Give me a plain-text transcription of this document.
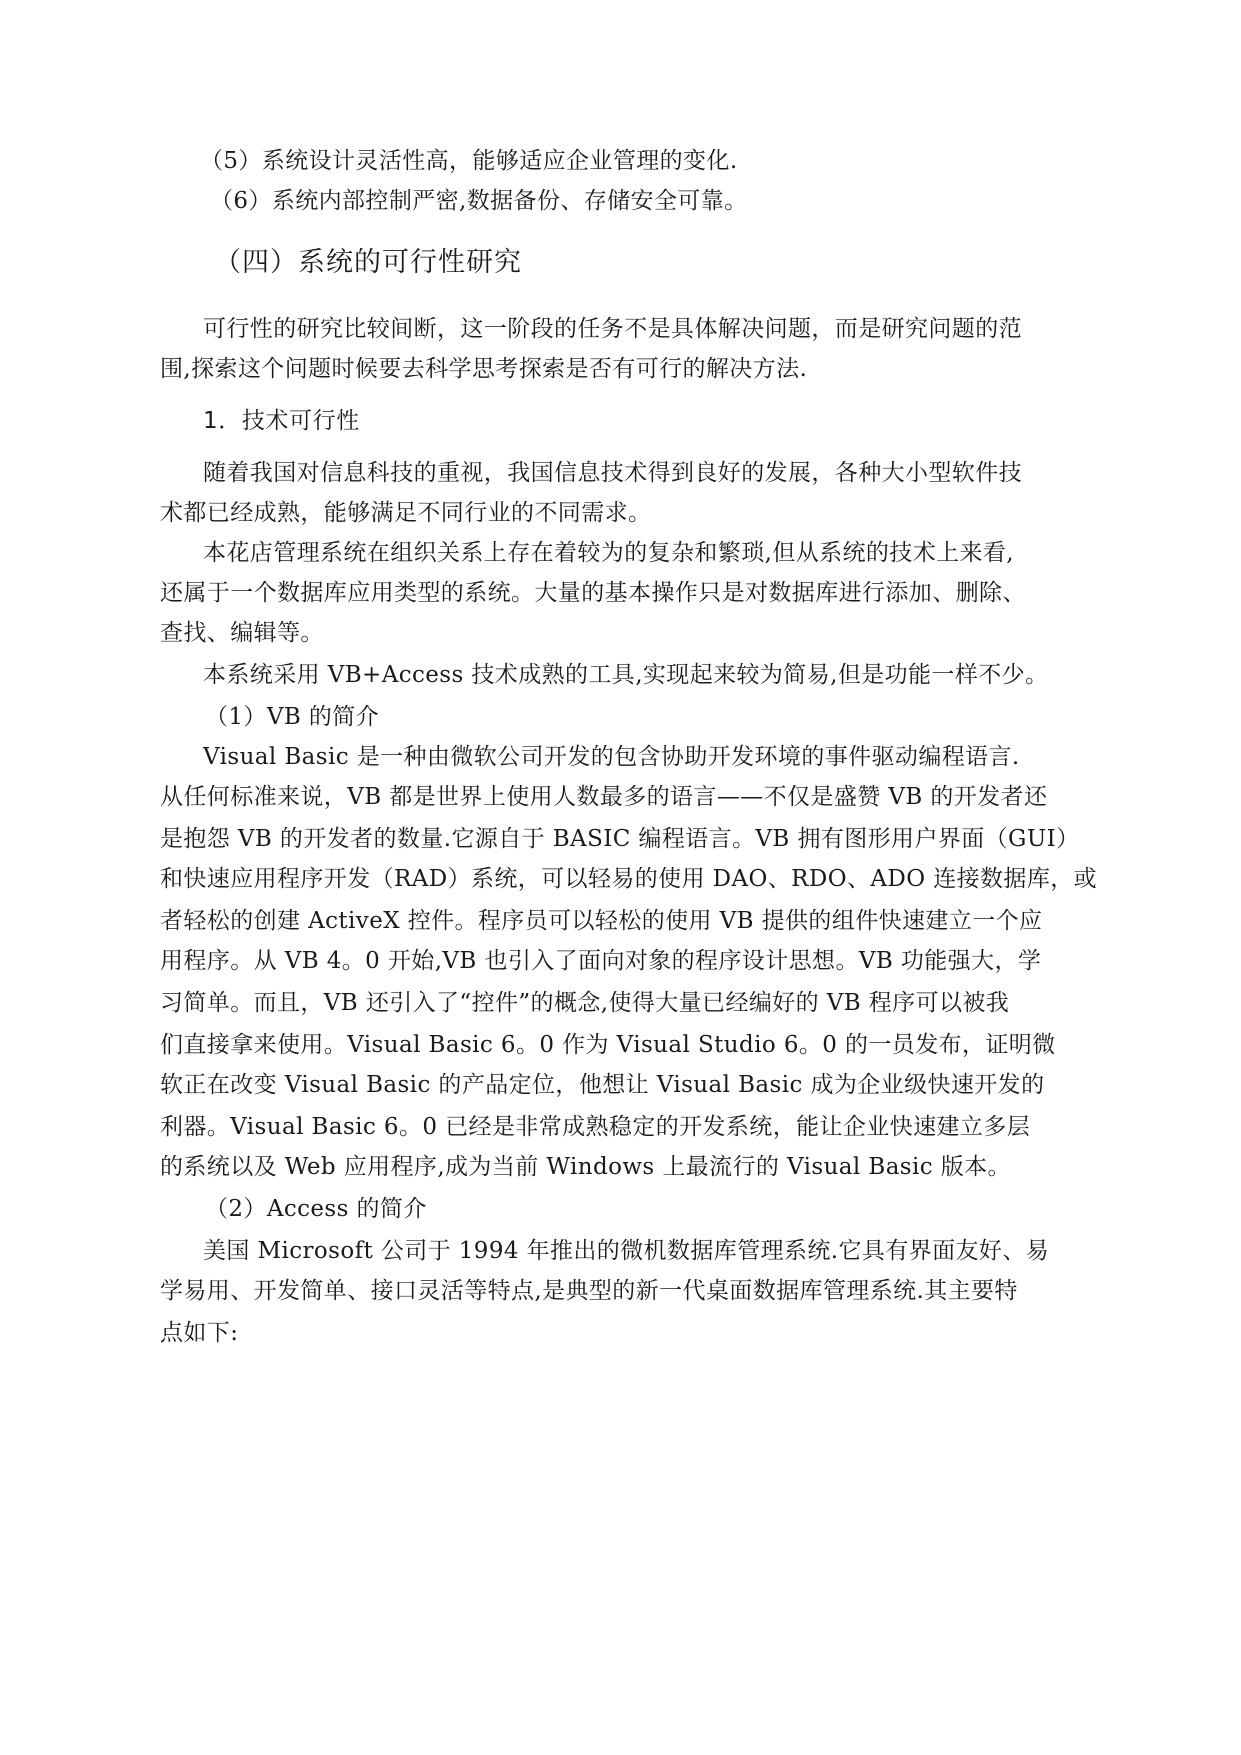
（5）系统设计灵活性高，能够适应企业管理的变化.
（6）系统内部控制严密,数据备份、存储安全可靠。
（四）系统的可行性研究
可行性的研究比较间断，这一阶段的任务不是具体解决问题，而是研究问题的范
围,探索这个问题时候要去科学思考探索是否有可行的解决方法.
1．技术可行性
随着我国对信息科技的重视，我国信息技术得到良好的发展，各种大小型软件技
术都已经成熟，能够满足不同行业的不同需求。
本花店管理系统在组织关系上存在着较为的复杂和繁琐,但从系统的技术上来看,
还属于一个数据库应用类型的系统。大量的基本操作只是对数据库进行添加、删除、
查找、编辑等。
本系统采用 VB+Access 技术成熟的工具,实现起来较为简易,但是功能一样不少。
（1）VB 的简介
Visual Basic 是一种由微软公司开发的包含协助开发环境的事件驱动编程语言.
从任何标准来说，VB 都是世界上使用人数最多的语言——不仅是盛赞 VB 的开发者还
是抱怨 VB 的开发者的数量.它源自于 BASIC 编程语言。VB 拥有图形用户界面（GUI）
和快速应用程序开发（RAD）系统，可以轻易的使用 DAO、RDO、ADO 连接数据库，或
者轻松的创建 ActiveX 控件。程序员可以轻松的使用 VB 提供的组件快速建立一个应
用程序。从 VB 4。0 开始,VB 也引入了面向对象的程序设计思想。VB 功能强大，学
习简单。而且，VB 还引入了“控件”的概念,使得大量已经编好的 VB 程序可以被我
们直接拿来使用。Visual Basic 6。0 作为 Visual Studio 6。0 的一员发布，证明微
软正在改变 Visual Basic 的产品定位，他想让 Visual Basic 成为企业级快速开发的
利器。Visual Basic 6。0 已经是非常成熟稳定的开发系统，能让企业快速建立多层
的系统以及 Web 应用程序,成为当前 Windows 上最流行的 Visual Basic 版本。
（2）Access 的简介
美国 Microsoft 公司于 1994 年推出的微机数据库管理系统.它具有界面友好、易
学易用、开发简单、接口灵活等特点,是典型的新一代桌面数据库管理系统.其主要特
点如下:
